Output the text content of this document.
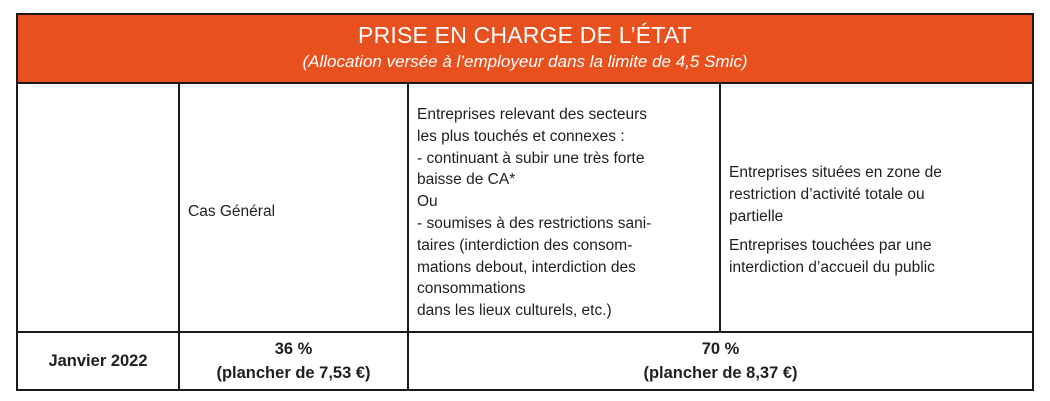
PRISE EN CHARGE DE L’ÉTAT
(Allocation versée à l’employeur dans la limite de 4,5 Smic)
Cas Général
Entreprises relevant des secteurs
les plus touchés et connexes :
- continuant à subir une très forte
baisse de CA*
Ou
- soumises à des restrictions sani-
taires (interdiction des consom-
mations debout, interdiction des
consommations
dans les lieux culturels, etc.)
Entreprises situées en zone de
restriction d’activité totale ou
partielle
Entreprises touchées par une
interdiction d’accueil du public
Janvier 2022
36 %
(plancher de 7,53 €)
70 %
(plancher de 8,37 €)
